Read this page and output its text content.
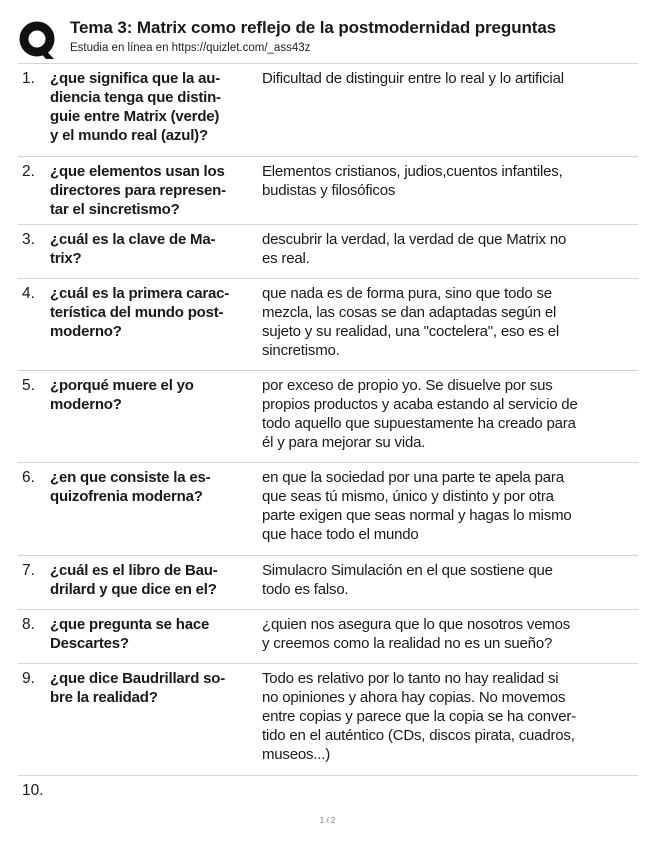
Tema 3: Matrix como reflejo de la postmodernidad preguntas
Estudia en línea en https://quizlet.com/_ass43z
1.	¿que significa que la au-
diencia tenga que distin-
guie entre Matrix (verde)
y el mundo real (azul)?
Dificultad de distinguir entre lo real y lo artificial
2.	¿que elementos usan los
directores para represen-
tar el sincretismo?
Elementos cristianos, judios,cuentos infantiles,
budistas y filosóficos
3.	¿cuál es la clave de Ma-
trix?
descubrir la verdad, la verdad de que Matrix no
es real.
4.	¿cuál es la primera carac-
terística del mundo post-
moderno?
que nada es de forma pura, sino que todo se
mezcla, las cosas se dan adaptadas según el
sujeto y su realidad, una "coctelera", eso es el
sincretismo.
5.	¿porqué muere el yo
moderno?
por exceso de propio yo. Se disuelve por sus
propios productos y acaba estando al servicio de
todo aquello que supuestamente ha creado para
él y para mejorar su vida.
6.	¿en que consiste la es-
quizofrenia moderna?
en que la sociedad por una parte te apela para
que seas tú mismo, único y distinto y por otra
parte exigen que seas normal y hagas lo mismo
que hace todo el mundo
7.	¿cuál es el libro de Bau-
drilard y que dice en el?
Simulacro Simulación en el que sostiene que
todo es falso.
8.	¿que pregunta se hace
Descartes?
¿quien nos asegura que lo que nosotros vemos
y creemos como la realidad no es un sueño?
9.	¿que dice Baudrillard so-
bre la realidad?
Todo es relativo por lo tanto no hay realidad si
no opiniones y ahora hay copias. No movemos
entre copias y parece que la copia se ha conver-
tido en el auténtico (CDs, discos pirata, cuadros,
museos...)
10.
1 / 2
